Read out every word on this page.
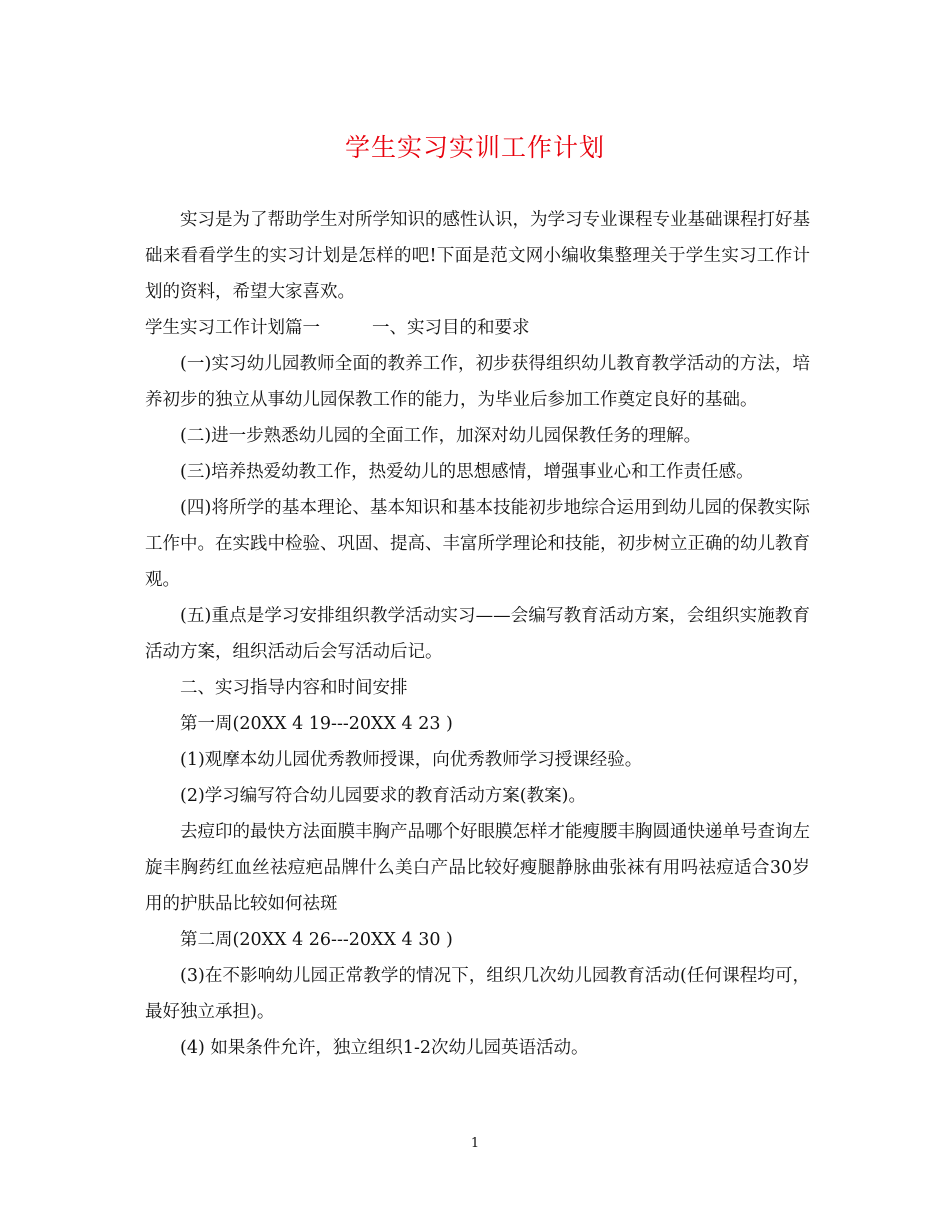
学生实习实训工作计划

实习是为了帮助学生对所学知识的感性认识，为学习专业课程专业基础课程打好基础来看看学生的实习计划是怎样的吧!下面是范文网小编收集整理关于学生实习工作计划的资料，希望大家喜欢。

学生实习工作计划篇一	一、实习目的和要求

(一)实习幼儿园教师全面的教养工作，初步获得组织幼儿教育教学活动的方法，培养初步的独立从事幼儿园保教工作的能力，为毕业后参加工作奠定良好的基础。

(二)进一步熟悉幼儿园的全面工作，加深对幼儿园保教任务的理解。

(三)培养热爱幼教工作，热爱幼儿的思想感情，增强事业心和工作责任感。

(四)将所学的基本理论、基本知识和基本技能初步地综合运用到幼儿园的保教实际工作中。在实践中检验、巩固、提高、丰富所学理论和技能，初步树立正确的幼儿教育观。

(五)重点是学习安排组织教学活动实习——会编写教育活动方案，会组织实施教育活动方案，组织活动后会写活动后记。

二、实习指导内容和时间安排

第一周(20XX 4 19---20XX 4 23 )

(1)观摩本幼儿园优秀教师授课，向优秀教师学习授课经验。

(2)学习编写符合幼儿园要求的教育活动方案(教案)。

去痘印的最快方法面膜丰胸产品哪个好眼膜怎样才能瘦腰丰胸圆通快递单号查询左旋丰胸药红血丝祛痘疤品牌什么美白产品比较好瘦腿静脉曲张袜有用吗祛痘适合30岁用的护肤品比较如何祛斑

第二周(20XX 4 26---20XX 4 30 )

(3)在不影响幼儿园正常教学的情况下，组织几次幼儿园教育活动(任何课程均可，最好独立承担)。

(4) 如果条件允许，独立组织1-2次幼儿园英语活动。

1
